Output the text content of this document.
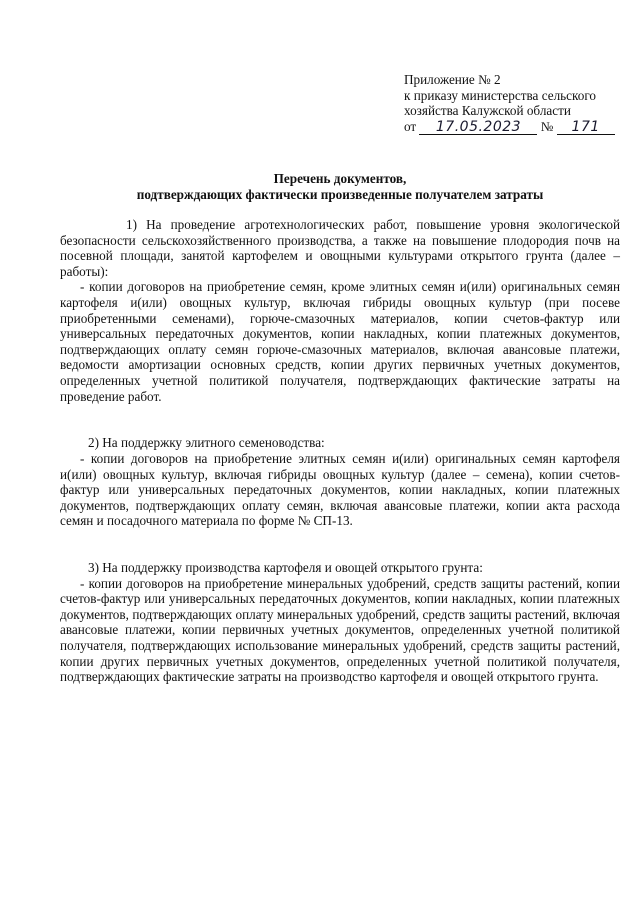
Приложение № 2
к приказу министерства сельского
хозяйства Калужской области
от 17.05.2023 № 171
Перечень документов,
подтверждающих фактически произведенные получателем затраты

1) На проведение агротехнологических работ, повышение уровня экологической безопасности сельскохозяйственного производства, а также на повышение плодородия почв на посевной площади, занятой картофелем и овощными культурами открытого грунта (далее – работы):

- копии договоров на приобретение семян, кроме элитных семян и(или) оригинальных семян картофеля и(или) овощных культур, включая гибриды овощных культур (при посеве приобретенными семенами), горюче-смазочных материалов, копии счетов-фактур или универсальных передаточных документов, копии накладных, копии платежных документов, подтверждающих оплату семян горюче-смазочных материалов, включая авансовые платежи, ведомости амортизации основных средств, копии других первичных учетных документов, определенных учетной политикой получателя, подтверждающих фактические затраты на проведение работ.

2) На поддержку элитного семеноводства:

- копии договоров на приобретение элитных семян и(или) оригинальных семян картофеля и(или) овощных культур, включая гибриды овощных культур (далее – семена), копии счетов-фактур или универсальных передаточных документов, копии накладных, копии платежных документов, подтверждающих оплату семян, включая авансовые платежи, копии акта расхода семян и посадочного материала по форме № СП-13.

3) На поддержку производства картофеля и овощей открытого грунта:

- копии договоров на приобретение минеральных удобрений, средств защиты растений, копии счетов-фактур или универсальных передаточных документов, копии накладных, копии платежных документов, подтверждающих оплату минеральных удобрений, средств защиты растений, включая авансовые платежи, копии первичных учетных документов, определенных учетной политикой получателя, подтверждающих использование минеральных удобрений, средств защиты растений, копии других первичных учетных документов, определенных учетной политикой получателя, подтверждающих фактические затраты на производство картофеля и овощей открытого грунта.
